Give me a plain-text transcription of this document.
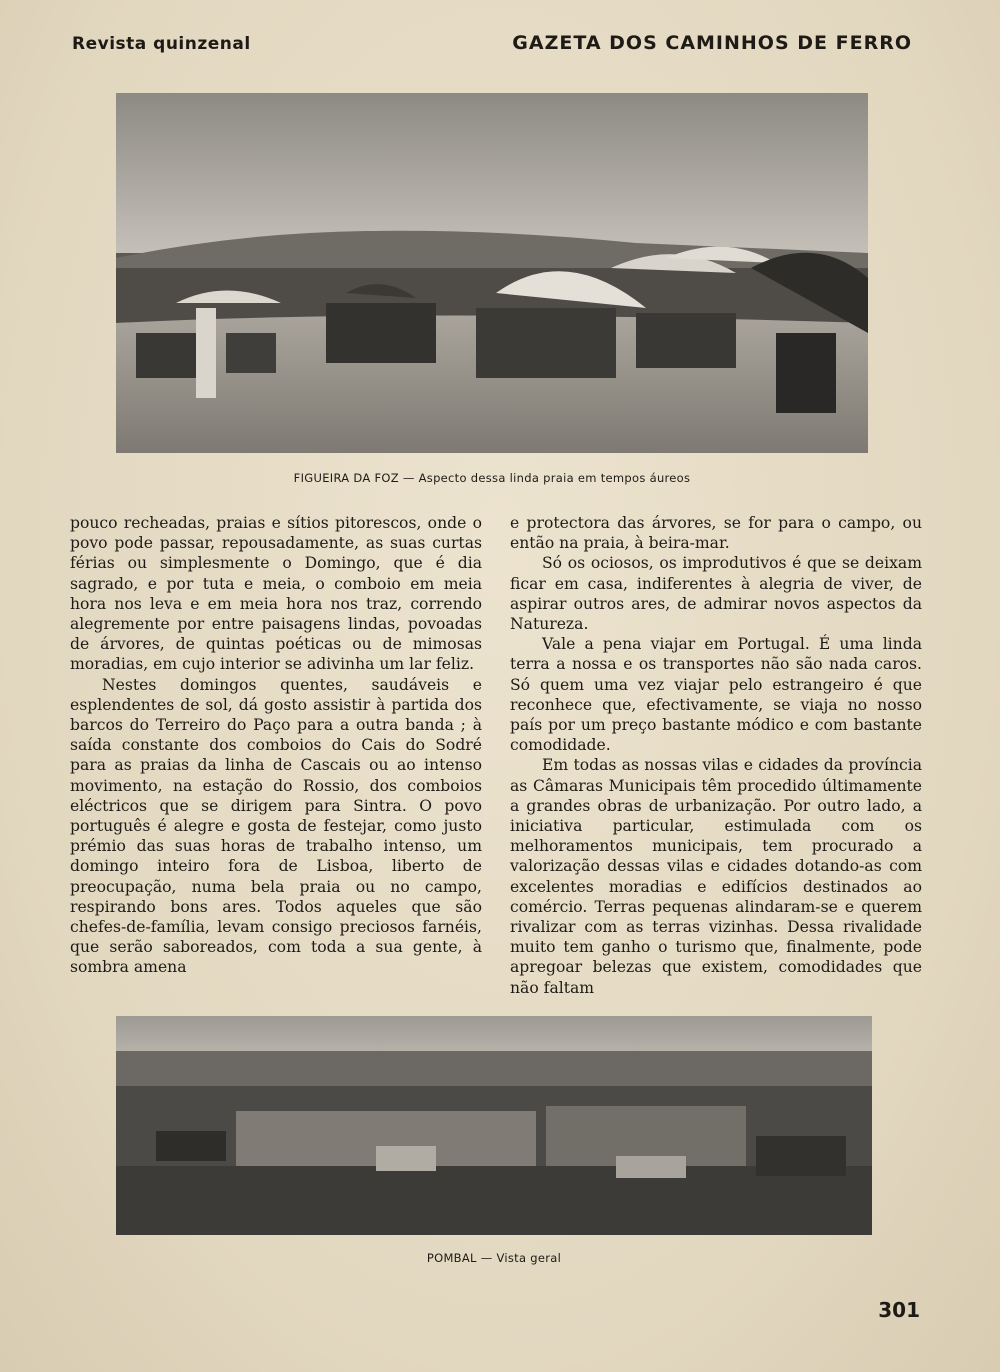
Revista quinzenal	GAZETA DOS CAMINHOS DE FERRO
FIGUEIRA DA FOZ — Aspecto dessa linda praia em tempos áureos

pouco recheadas, praias e sítios pitorescos, onde o povo pode passar, repousadamente, as suas curtas férias ou simplesmente o Domingo, que é dia sagrado, e por tuta e meia, o comboio em meia hora nos leva e em meia hora nos traz, correndo alegremente por entre paisagens lindas, povoadas de árvores, de quintas poéticas ou de mimosas moradias, em cujo interior se adivinha um lar feliz.

Nestes domingos quentes, saudáveis e esplendentes de sol, dá gosto assistir à partida dos barcos do Terreiro do Paço para a outra banda ; à saída constante dos comboios do Cais do Sodré para as praias da linha de Cascais ou ao intenso movimento, na estação do Rossio, dos comboios eléctricos que se dirigem para Sintra. O povo português é alegre e gosta de festejar, como justo prémio das suas horas de trabalho intenso, um domingo inteiro fora de Lisboa, liberto de preocupação, numa bela praia ou no campo, respirando bons ares. Todos aqueles que são chefes-de-família, levam consigo preciosos farnéis, que serão saboreados, com toda a sua gente, à sombra amena

e protectora das árvores, se for para o campo, ou então na praia, à beira-mar.

Só os ociosos, os improdutivos é que se deixam ficar em casa, indiferentes à alegria de viver, de aspirar outros ares, de admirar novos aspectos da Natureza.

Vale a pena viajar em Portugal. É uma linda terra a nossa e os transportes não são nada caros. Só quem uma vez viajar pelo estrangeiro é que reconhece que, efectivamente, se viaja no nosso país por um preço bastante módico e com bastante comodidade.

Em todas as nossas vilas e cidades da província as Câmaras Municipais têm procedido últimamente a grandes obras de urbanização. Por outro lado, a iniciativa particular, estimulada com os melhoramentos municipais, tem procurado a valorização dessas vilas e cidades dotando-as com excelentes moradias e edifícios destinados ao comércio. Terras pequenas alindaram-se e querem rivalizar com as terras vizinhas. Dessa rivalidade muito tem ganho o turismo que, finalmente, pode apregoar belezas que existem, comodidades que não faltam

POMBAL — Vista geral
301
